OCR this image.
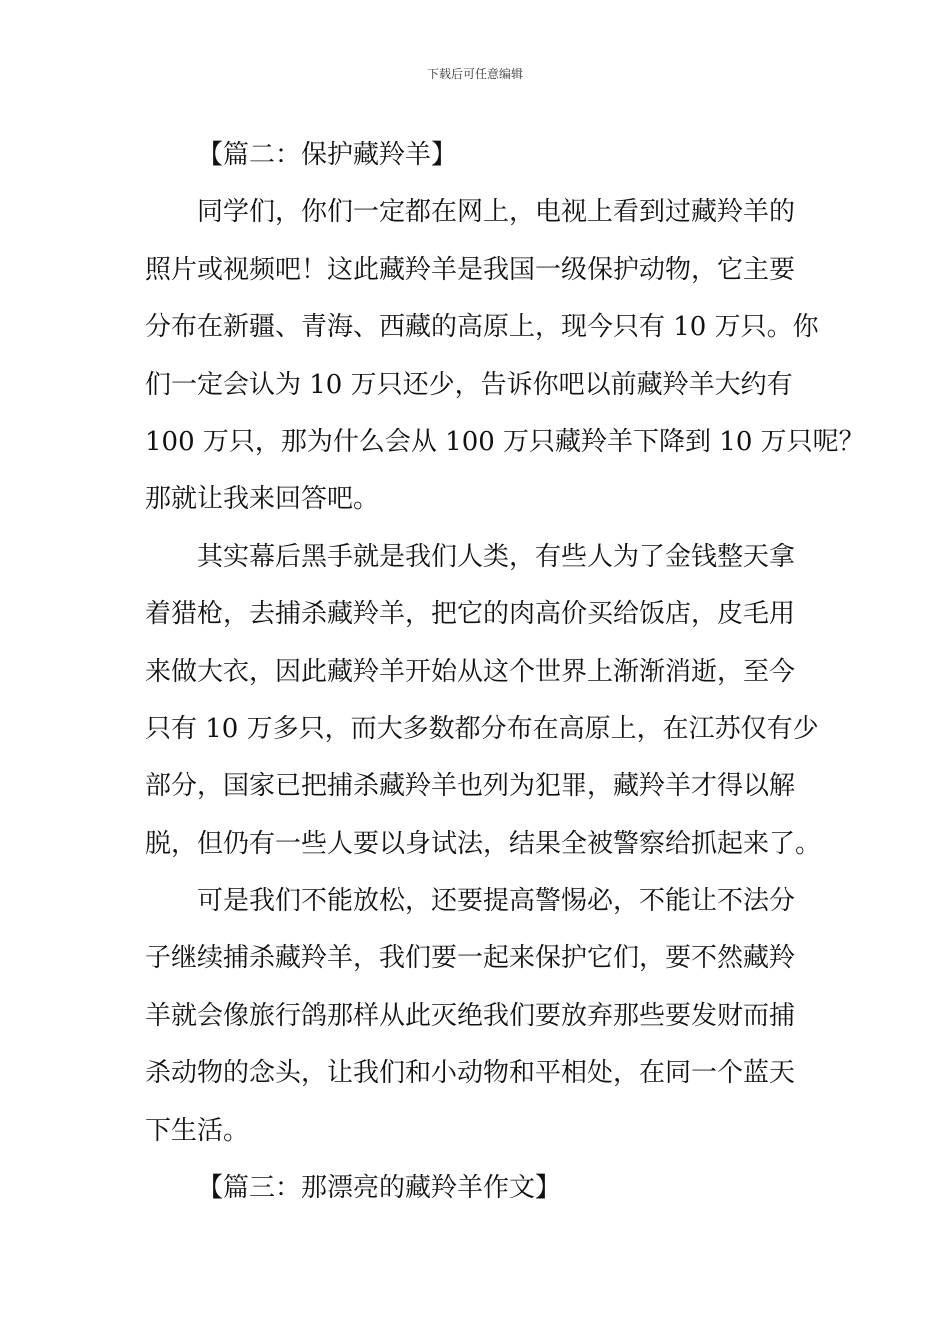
下载后可任意编辑
【篇二：保护藏羚羊】
同学们，你们一定都在网上，电视上看到过藏羚羊的
照片或视频吧！这此藏羚羊是我国一级保护动物，它主要
分布在新疆、青海、西藏的高原上，现今只有 10 万只。你
们一定会认为 10 万只还少，告诉你吧以前藏羚羊大约有
100 万只，那为什么会从 100 万只藏羚羊下降到 10 万只呢？
那就让我来回答吧。
其实幕后黑手就是我们人类，有些人为了金钱整天拿
着猎枪，去捕杀藏羚羊，把它的肉高价买给饭店，皮毛用
来做大衣，因此藏羚羊开始从这个世界上渐渐消逝，至今
只有 10 万多只，而大多数都分布在高原上，在江苏仅有少
部分，国家已把捕杀藏羚羊也列为犯罪，藏羚羊才得以解
脱，但仍有一些人要以身试法，结果全被警察给抓起来了。
可是我们不能放松，还要提高警惕必，不能让不法分
子继续捕杀藏羚羊，我们要一起来保护它们，要不然藏羚
羊就会像旅行鸽那样从此灭绝我们要放弃那些要发财而捕
杀动物的念头，让我们和小动物和平相处，在同一个蓝天
下生活。
【篇三：那漂亮的藏羚羊作文】
